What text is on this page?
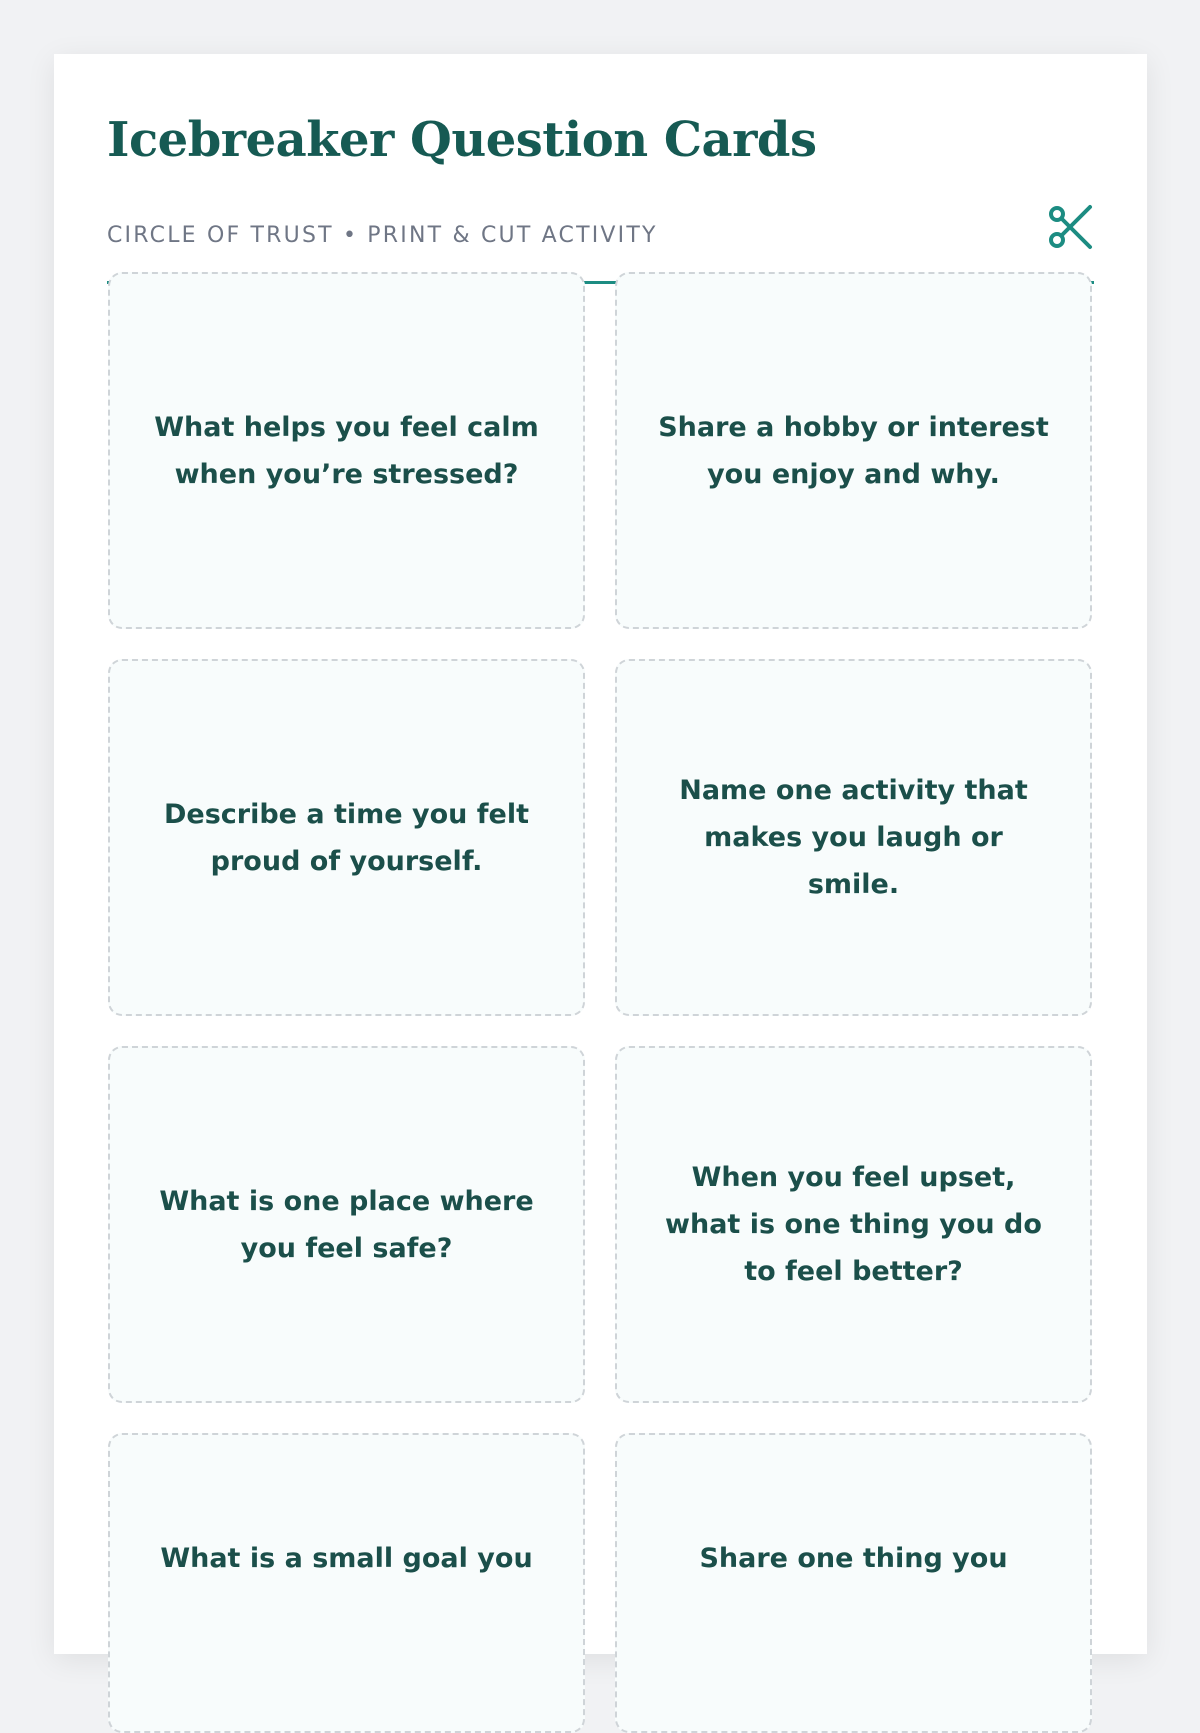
Icebreaker Question Cards
CIRCLE OF TRUST • PRINT & CUT ACTIVITY
What helps you feel calm when you’re stressed?
Share a hobby or interest you enjoy and why.
Describe a time you felt proud of yourself.
Name one activity that makes you laugh or smile.
What is one place where you feel safe?
When you feel upset, what is one thing you do to feel better?
What is a small goal you	Share one thing you
